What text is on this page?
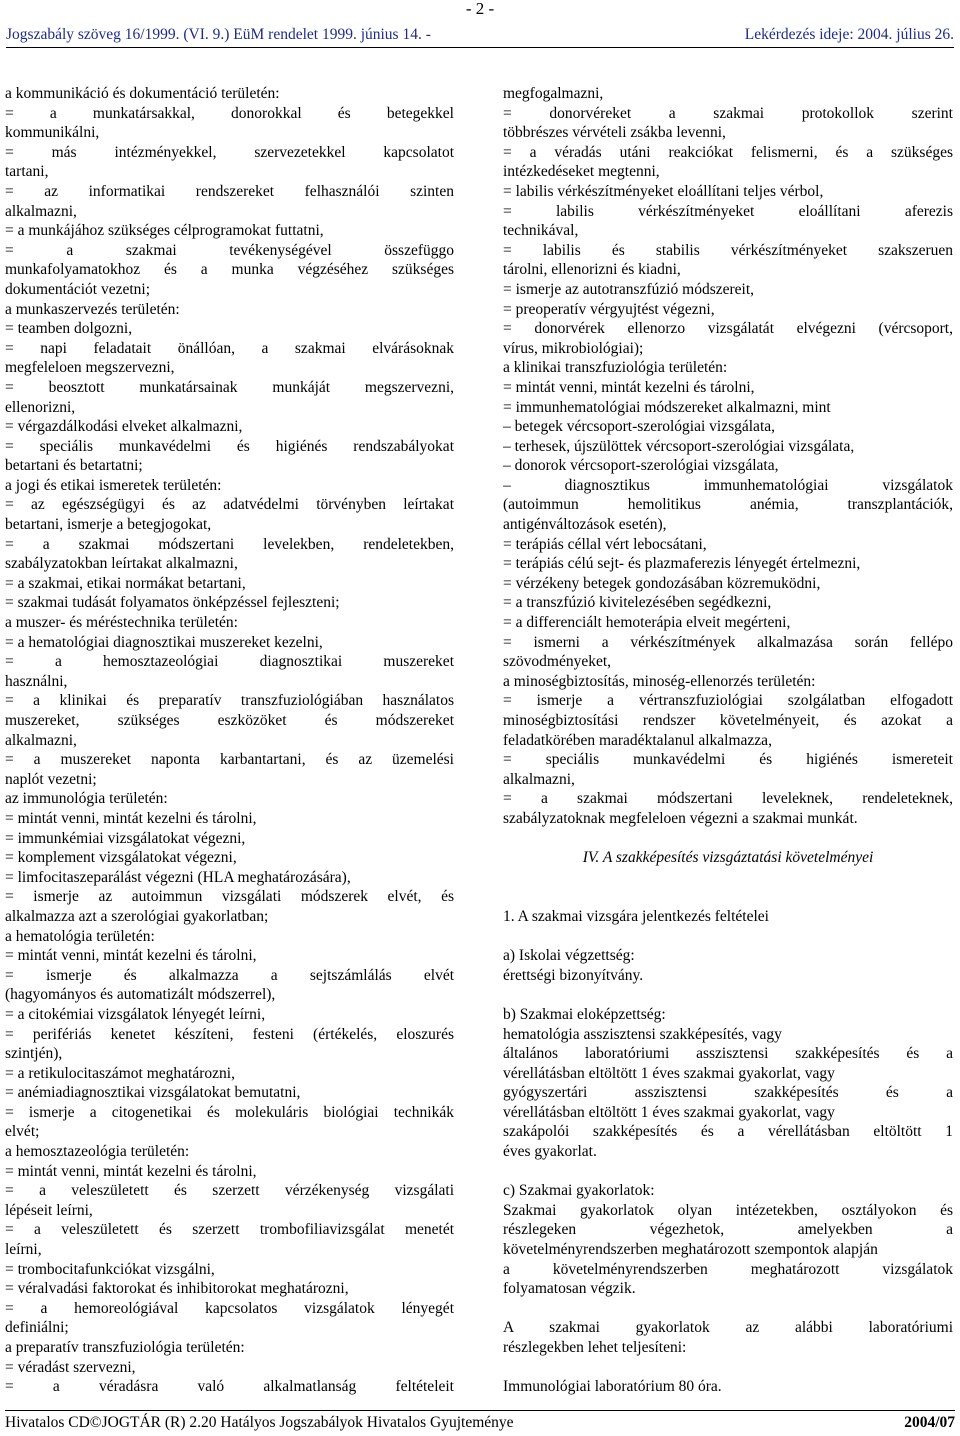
- 2 -
Jogszabály szöveg 16/1999. (VI. 9.) EüM rendelet 1999. június 14. -	Lekérdezés ideje: 2004. július 26.
a kommunikáció és dokumentáció területén:
= a munkatársakkal, donorokkal és betegekkel
kommunikálni,
= más intézményekkel, szervezetekkel kapcsolatot
tartani,
= az informatikai rendszereket felhasználói szinten
alkalmazni,
= a munkájához szükséges célprogramokat futtatni,
= a szakmai tevékenységével összefüggo
munkafolyamatokhoz és a munka végzéséhez szükséges
dokumentációt vezetni;
a munkaszervezés területén:
= teamben dolgozni,
= napi feladatait önállóan, a szakmai elvárásoknak
megfeleloen megszervezni,
= beosztott munkatársainak munkáját megszervezni,
ellenorizni,
= vérgazdálkodási elveket alkalmazni,
= speciális munkavédelmi és higiénés rendszabályokat
betartani és betartatni;
a jogi és etikai ismeretek területén:
= az egészségügyi és az adatvédelmi törvényben leírtakat
betartani, ismerje a betegjogokat,
= a szakmai módszertani levelekben, rendeletekben,
szabályzatokban leírtakat alkalmazni,
= a szakmai, etikai normákat betartani,
= szakmai tudását folyamatos önképzéssel fejleszteni;
a muszer- és méréstechnika területén:
= a hematológiai diagnosztikai muszereket kezelni,
= a hemosztazeológiai diagnosztikai muszereket
használni,
= a klinikai és preparatív transzfuziológiában használatos
muszereket, szükséges eszközöket és módszereket
alkalmazni,
= a muszereket naponta karbantartani, és az üzemelési
naplót vezetni;
az immunológia területén:
= mintát venni, mintát kezelni és tárolni,
= immunkémiai vizsgálatokat végezni,
= komplement vizsgálatokat végezni,
= limfocitaszeparálást végezni (HLA meghatározására),
= ismerje az autoimmun vizsgálati módszerek elvét, és
alkalmazza azt a szerológiai gyakorlatban;
a hematológia területén:
= mintát venni, mintát kezelni és tárolni,
= ismerje és alkalmazza a sejtszámlálás elvét
(hagyományos és automatizált módszerrel),
= a citokémiai vizsgálatok lényegét leírni,
= perifériás kenetet készíteni, festeni (értékelés, eloszurés
szintjén),
= a retikulocitaszámot meghatározni,
= anémiadiagnosztikai vizsgálatokat bemutatni,
= ismerje a citogenetikai és molekuláris biológiai technikák
elvét;
a hemosztazeológia területén:
= mintát venni, mintát kezelni és tárolni,
= a veleszületett és szerzett vérzékenység vizsgálati
lépéseit leírni,
= a veleszületett és szerzett trombofiliavizsgálat menetét
leírni,
= trombocitafunkciókat vizsgálni,
= véralvadási faktorokat és inhibitorokat meghatározni,
= a hemoreológiával kapcsolatos vizsgálatok lényegét
definiálni;
a preparatív transzfuziológia területén:
= véradást szervezni,
= a véradásra való alkalmatlanság feltételeit
megfogalmazni,
= donorvéreket a szakmai protokollok szerint
többrészes vérvételi zsákba levenni,
= a véradás utáni reakciókat felismerni, és a szükséges
intézkedéseket megtenni,
= labilis vérkészítményeket eloállítani teljes vérbol,
= labilis vérkészítményeket eloállítani aferezis
technikával,
= labilis és stabilis vérkészítményeket szakszeruen
tárolni, ellenorizni és kiadni,
= ismerje az autotranszfúzió módszereit,
= preoperatív vérgyujtést végezni,
= donorvérek ellenorzo vizsgálatát elvégezni (vércsoport,
vírus, mikrobiológiai);
a klinikai transzfuziológia területén:
= mintát venni, mintát kezelni és tárolni,
= immunhematológiai módszereket alkalmazni, mint
– betegek vércsoport-szerológiai vizsgálata,
– terhesek, újszülöttek vércsoport-szerológiai vizsgálata,
– donorok vércsoport-szerológiai vizsgálata,
– diagnosztikus immunhematológiai vizsgálatok
(autoimmun hemolitikus anémia, transzplantációk,
antigénváltozások esetén),
= terápiás céllal vért lebocsátani,
= terápiás célú sejt- és plazmaferezis lényegét értelmezni,
= vérzékeny betegek gondozásában közremuködni,
= a transzfúzió kivitelezésében segédkezni,
= a differenciált hemoterápia elveit megérteni,
= ismerni a vérkészítmények alkalmazása során fellépo
szövodményeket,
a minoségbiztosítás, minoség-ellenorzés területén:
= ismerje a vértranszfuziológiai szolgálatban elfogadott
minoségbiztosítási rendszer követelményeit, és azokat a
feladatkörében maradéktalanul alkalmazza,
= speciális munkavédelmi és higiénés ismereteit
alkalmazni,
= a szakmai módszertani leveleknek, rendeleteknek,
szabályzatoknak megfeleloen végezni a szakmai munkát.
IV. A szakképesítés vizsgáztatási követelményei
1. A szakmai vizsgára jelentkezés feltételei
a) Iskolai végzettség:
érettségi bizonyítvány.
b) Szakmai eloképzettség:
hematológia asszisztensi szakképesítés, vagy
általános laboratóriumi asszisztensi szakképesítés és a
vérellátásban eltöltött 1 éves szakmai gyakorlat, vagy
gyógyszertári asszisztensi szakképesítés és a
vérellátásban eltöltött 1 éves szakmai gyakorlat, vagy
szakápolói szakképesítés és a vérellátásban eltöltött 1
éves gyakorlat.
c) Szakmai gyakorlatok:
Szakmai gyakorlatok olyan intézetekben, osztályokon és
részlegeken végezhetok, amelyekben a
követelményrendszerben meghatározott szempontok alapján
a követelményrendszerben meghatározott vizsgálatok
folyamatosan végzik.
A szakmai gyakorlatok az alábbi laboratóriumi
részlegekben lehet teljesíteni:
Immunológiai laboratórium 80 óra.
Hivatalos CD©JOGTÁR (R) 2.20 Hatályos Jogszabályok Hivatalos Gyujteménye	2004/07
